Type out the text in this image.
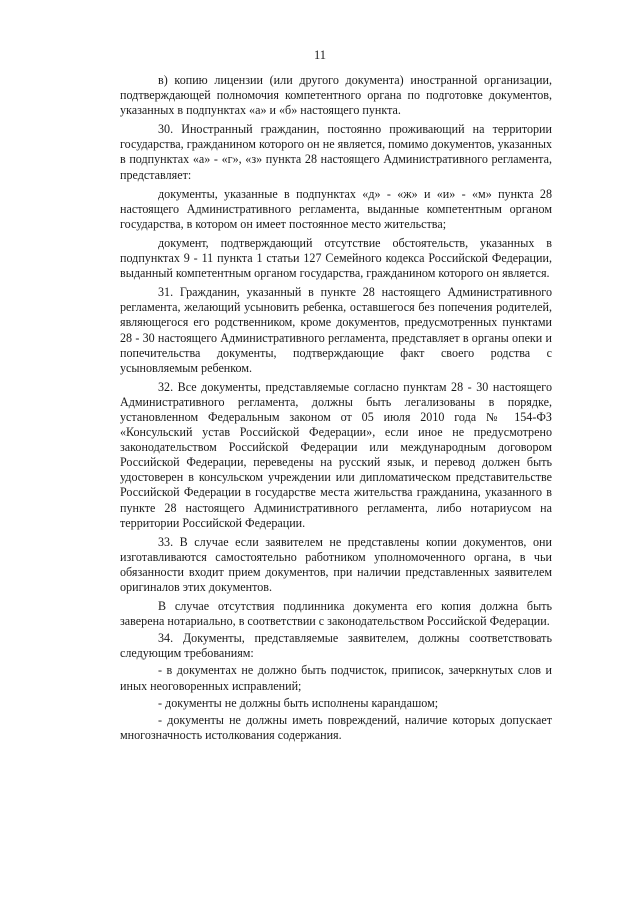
11

в) копию лицензии (или другого документа) иностранной организации, подтверждающей полномочия компетентного органа по подготовке документов, указанных в подпунктах «а» и «б» настоящего пункта.

30. Иностранный гражданин, постоянно проживающий на территории государства, гражданином которого он не является, помимо документов, указанных в подпунктах «а» - «г», «з» пункта 28 настоящего Административного регламента, представляет:

документы, указанные в подпунктах «д» - «ж» и «и» - «м» пункта 28 настоящего Административного регламента, выданные компетентным органом государства, в котором он имеет постоянное место жительства;

документ, подтверждающий отсутствие обстоятельств, указанных в подпунктах 9 - 11 пункта 1 статьи 127 Семейного кодекса Российской Федерации, выданный компетентным органом государства, гражданином которого он является.

31. Гражданин, указанный в пункте 28 настоящего Административного регламента, желающий усыновить ребенка, оставшегося без попечения родителей, являющегося его родственником, кроме документов, предусмотренных пунктами 28 - 30 настоящего Административного регламента, представляет в органы опеки и попечительства документы, подтверждающие факт своего родства с усыновляемым ребенком.

32. Все документы, представляемые согласно пунктам 28 - 30 настоящего Административного регламента, должны быть легализованы в порядке, установленном Федеральным законом от 05 июля 2010 года № 154-ФЗ «Консульский устав Российской Федерации», если иное не предусмотрено законодательством Российской Федерации или международным договором Российской Федерации, переведены на русский язык, и перевод должен быть удостоверен в консульском учреждении или дипломатическом представительстве Российской Федерации в государстве места жительства гражданина, указанного в пункте 28 настоящего Административного регламента, либо нотариусом на территории Российской Федерации.

33. В случае если заявителем не представлены копии документов, они изготавливаются самостоятельно работником уполномоченного органа, в чьи обязанности входит прием документов, при наличии представленных заявителем оригиналов этих документов.

В случае отсутствия подлинника документа его копия должна быть заверена нотариально, в соответствии с законодательством Российской Федерации.

34. Документы, представляемые заявителем, должны соответствовать следующим требованиям:

- в документах не должно быть подчисток, приписок, зачеркнутых слов и иных неоговоренных исправлений;

- документы не должны быть исполнены карандашом;

- документы не должны иметь повреждений, наличие которых допускает многозначность истолкования содержания.
